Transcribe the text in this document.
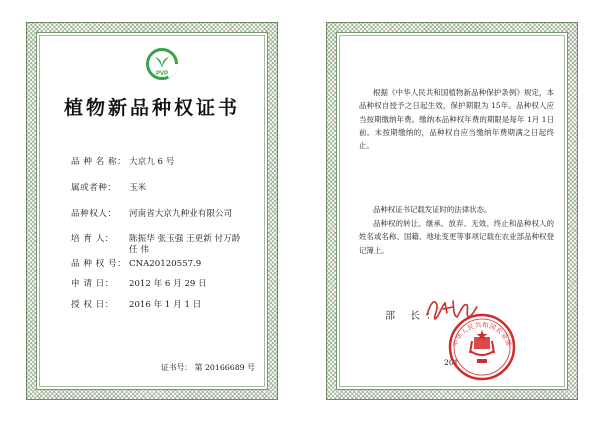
PVP
植物新品种权证书
品 种 名 称： 大京九 6 号
属或者种： 玉米
品种权人： 河南省大京九种业有限公司
培 育 人： 陈振华 张玉强 王更新 付万龄
任 伟
品 种 权 号： CNA20120557.9
申 请 日： 2012 年 6 月 29 日
授 权 日： 2016 年 1 月 1 日
证书号： 第 20166689 号
根据《中华人民共和国植物新品种保护条例》规定，本品种权自授予之日起生效，保护期限为 15年。品种权人应当按期缴纳年费。缴纳本品种权年费的期限是每年 1月 1日前。未按期缴纳的，品种权自应当缴纳年费期满之日起终止。
品种权证书记载发证时的法律状态。
品种权的转让、继承、放弃、无效、终止和品种权人的姓名或名称、国籍、地址变更等事项记载在农业部品种权登记簿上。
部 长：
201
中华人民共和国农业部
